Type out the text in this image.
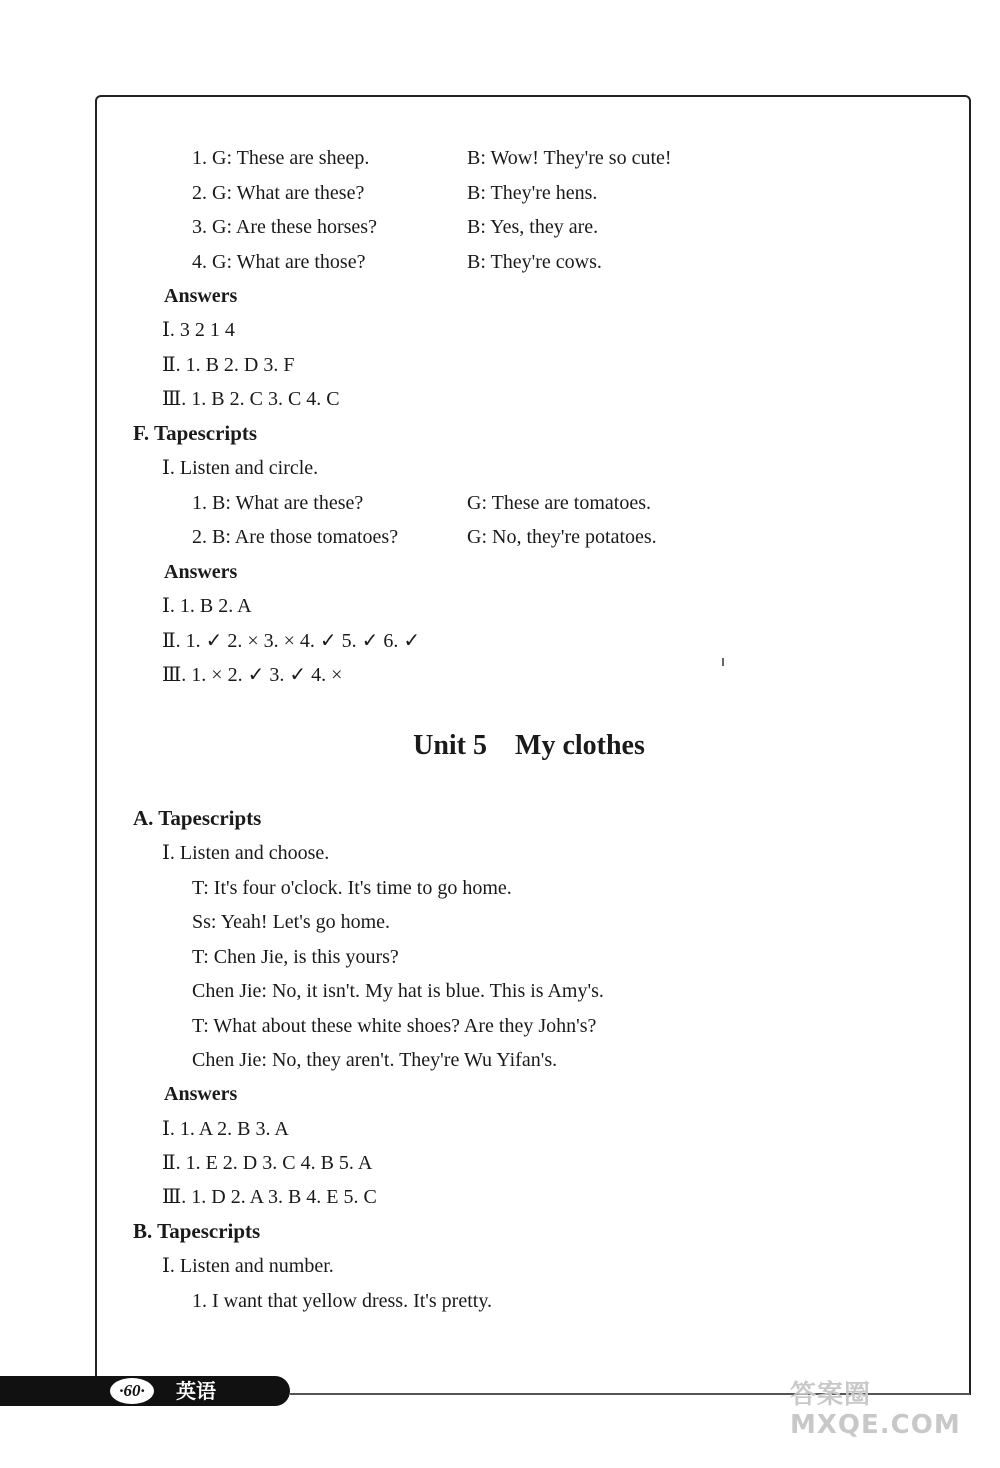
1. G: These are sheep.	B: Wow! They're so cute!
2. G: What are these?	B: They're hens.
3. G: Are these horses?	B: Yes, they are.
4. G: What are those?	B: They're cows.
Answers
Ⅰ. 3 2 1 4
Ⅱ. 1. B 2. D 3. F
Ⅲ. 1. B 2. C 3. C 4. C
F. Tapescripts
Ⅰ. Listen and circle.
1. B: What are these?	G: These are tomatoes.
2. B: Are those tomatoes?	G: No, they're potatoes.
Answers
Ⅰ. 1. B 2. A
Ⅱ. 1. ✓ 2. × 3. × 4. ✓ 5. ✓ 6. ✓
Ⅲ. 1. × 2. ✓ 3. ✓ 4. ×
Unit 5 My clothes
A. Tapescripts
Ⅰ. Listen and choose.
T: It's four o'clock. It's time to go home.
Ss: Yeah! Let's go home.
T: Chen Jie, is this yours?
Chen Jie: No, it isn't. My hat is blue. This is Amy's.
T: What about these white shoes? Are they John's?
Chen Jie: No, they aren't. They're Wu Yifan's.
Answers
Ⅰ. 1. A 2. B 3. A
Ⅱ. 1. E 2. D 3. C 4. B 5. A
Ⅲ. 1. D 2. A 3. B 4. E 5. C
B. Tapescripts
Ⅰ. Listen and number.
1. I want that yellow dress. It's pretty.
·60·	英语	答案圈
MXQE.COM
